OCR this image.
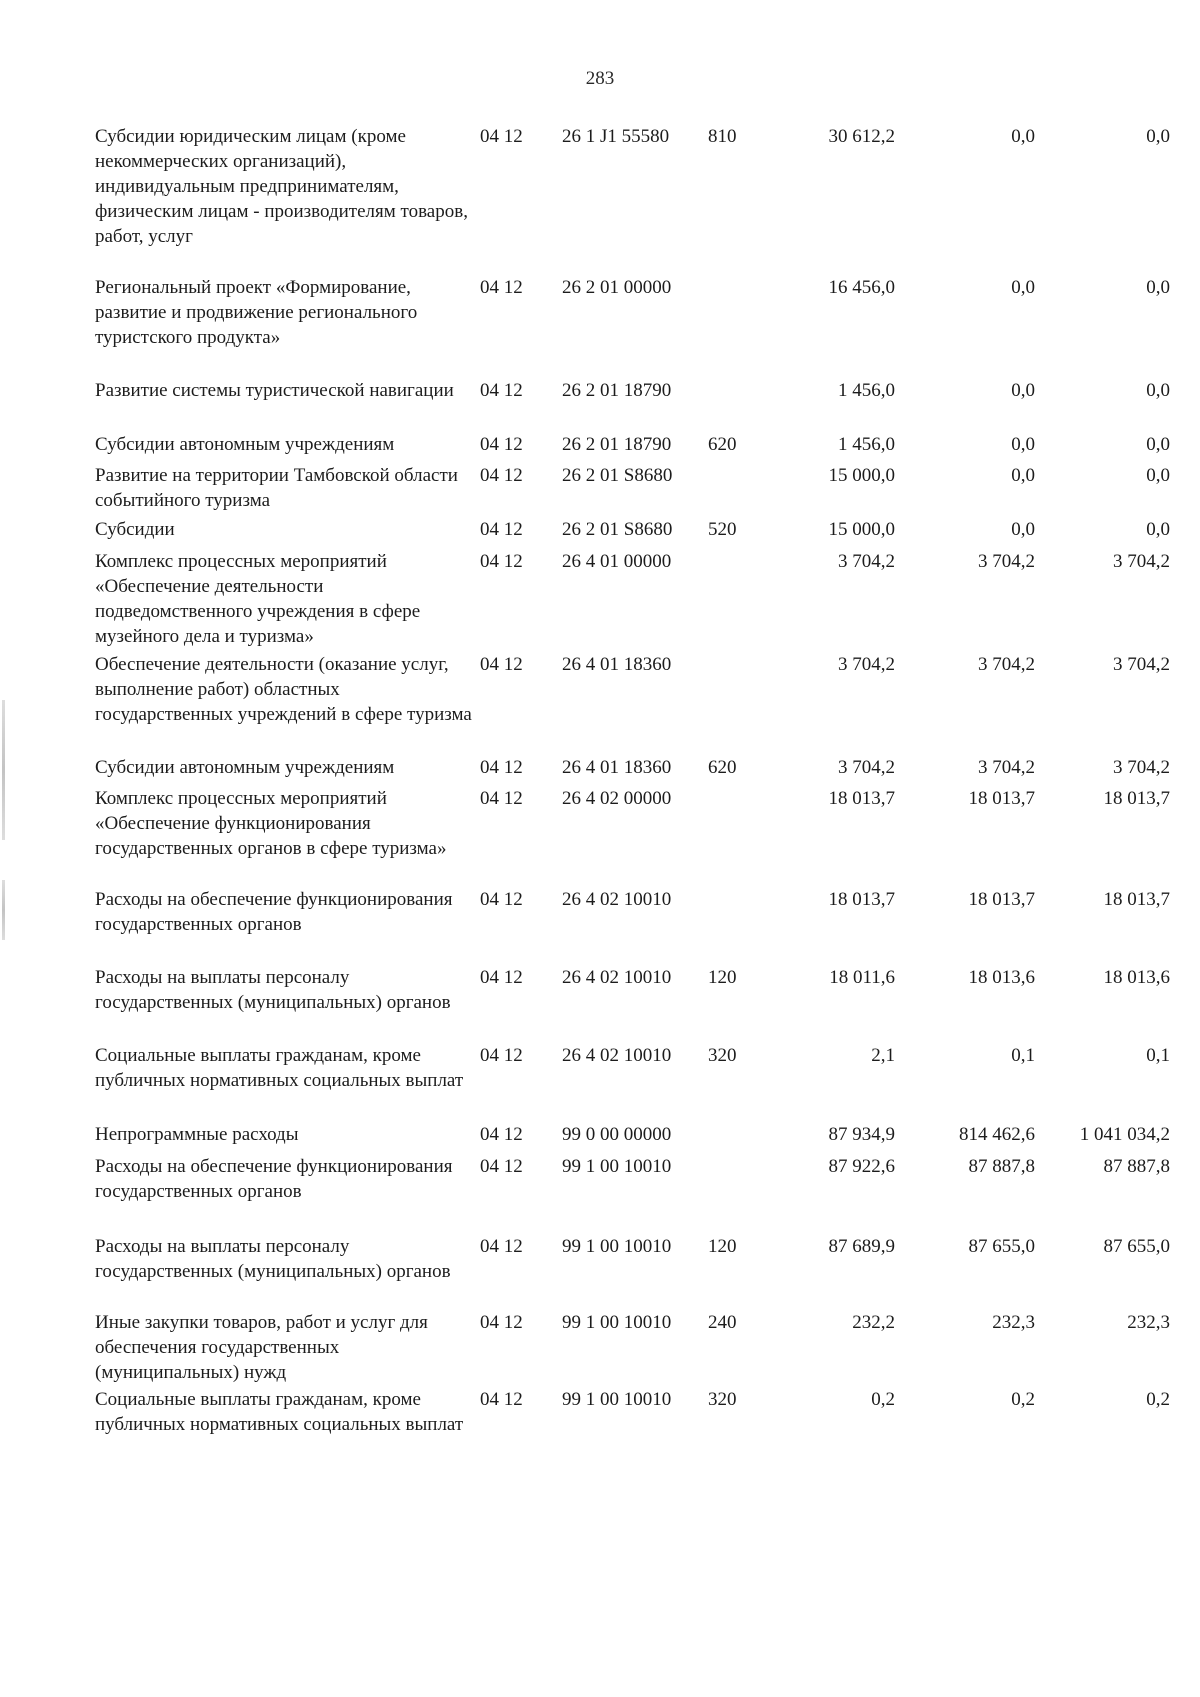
283
Субсидии юридическим лицам (кроме некоммерческих организаций), индивидуальным предпринимателям, физическим лицам - производителям товаров, работ, услуг
04 12	26 1 J1 55580	810	30 612,2	0,0	0,0
Региональный проект «Формирование, развитие и продвижение регионального туристского продукта»
04 12	26 2 01 00000	16 456,0	0,0	0,0
Развитие системы туристической навигации	04 12	26 2 01 18790	1 456,0	0,0	0,0
Субсидии автономным учреждениям	04 12	26 2 01 18790	620	1 456,0	0,0	0,0
Развитие на территории Тамбовской области событийного туризма
04 12	26 2 01 S8680	15 000,0	0,0	0,0
Субсидии	04 12	26 2 01 S8680	520	15 000,0	0,0	0,0
Комплекс процессных мероприятий «Обеспечение деятельности подведомственного учреждения в сфере музейного дела и туризма»
04 12	26 4 01 00000	3 704,2	3 704,2	3 704,2
Обеспечение деятельности (оказание услуг, выполнение работ) областных государственных учреждений в сфере туризма
04 12	26 4 01 18360	3 704,2	3 704,2	3 704,2
Субсидии автономным учреждениям	04 12	26 4 01 18360	620	3 704,2	3 704,2	3 704,2
Комплекс процессных мероприятий «Обеспечение функционирования государственных органов в сфере туризма»
04 12	26 4 02 00000	18 013,7	18 013,7	18 013,7
Расходы на обеспечение функционирования государственных органов
04 12	26 4 02 10010	18 013,7	18 013,7	18 013,7
Расходы на выплаты персоналу государственных (муниципальных) органов
04 12	26 4 02 10010	120	18 011,6	18 013,6	18 013,6
Социальные выплаты гражданам, кроме публичных нормативных социальных выплат
04 12	26 4 02 10010	320	2,1	0,1	0,1
Непрограммные расходы	04 12	99 0 00 00000	87 934,9	814 462,6	1 041 034,2
Расходы на обеспечение функционирования государственных органов
04 12	99 1 00 10010	87 922,6	87 887,8	87 887,8
Расходы на выплаты персоналу государственных (муниципальных) органов
04 12	99 1 00 10010	120	87 689,9	87 655,0	87 655,0
Иные закупки товаров, работ и услуг для обеспечения государственных (муниципальных) нужд
04 12	99 1 00 10010	240	232,2	232,3	232,3
Социальные выплаты гражданам, кроме публичных нормативных социальных выплат
04 12	99 1 00 10010	320	0,2	0,2	0,2
